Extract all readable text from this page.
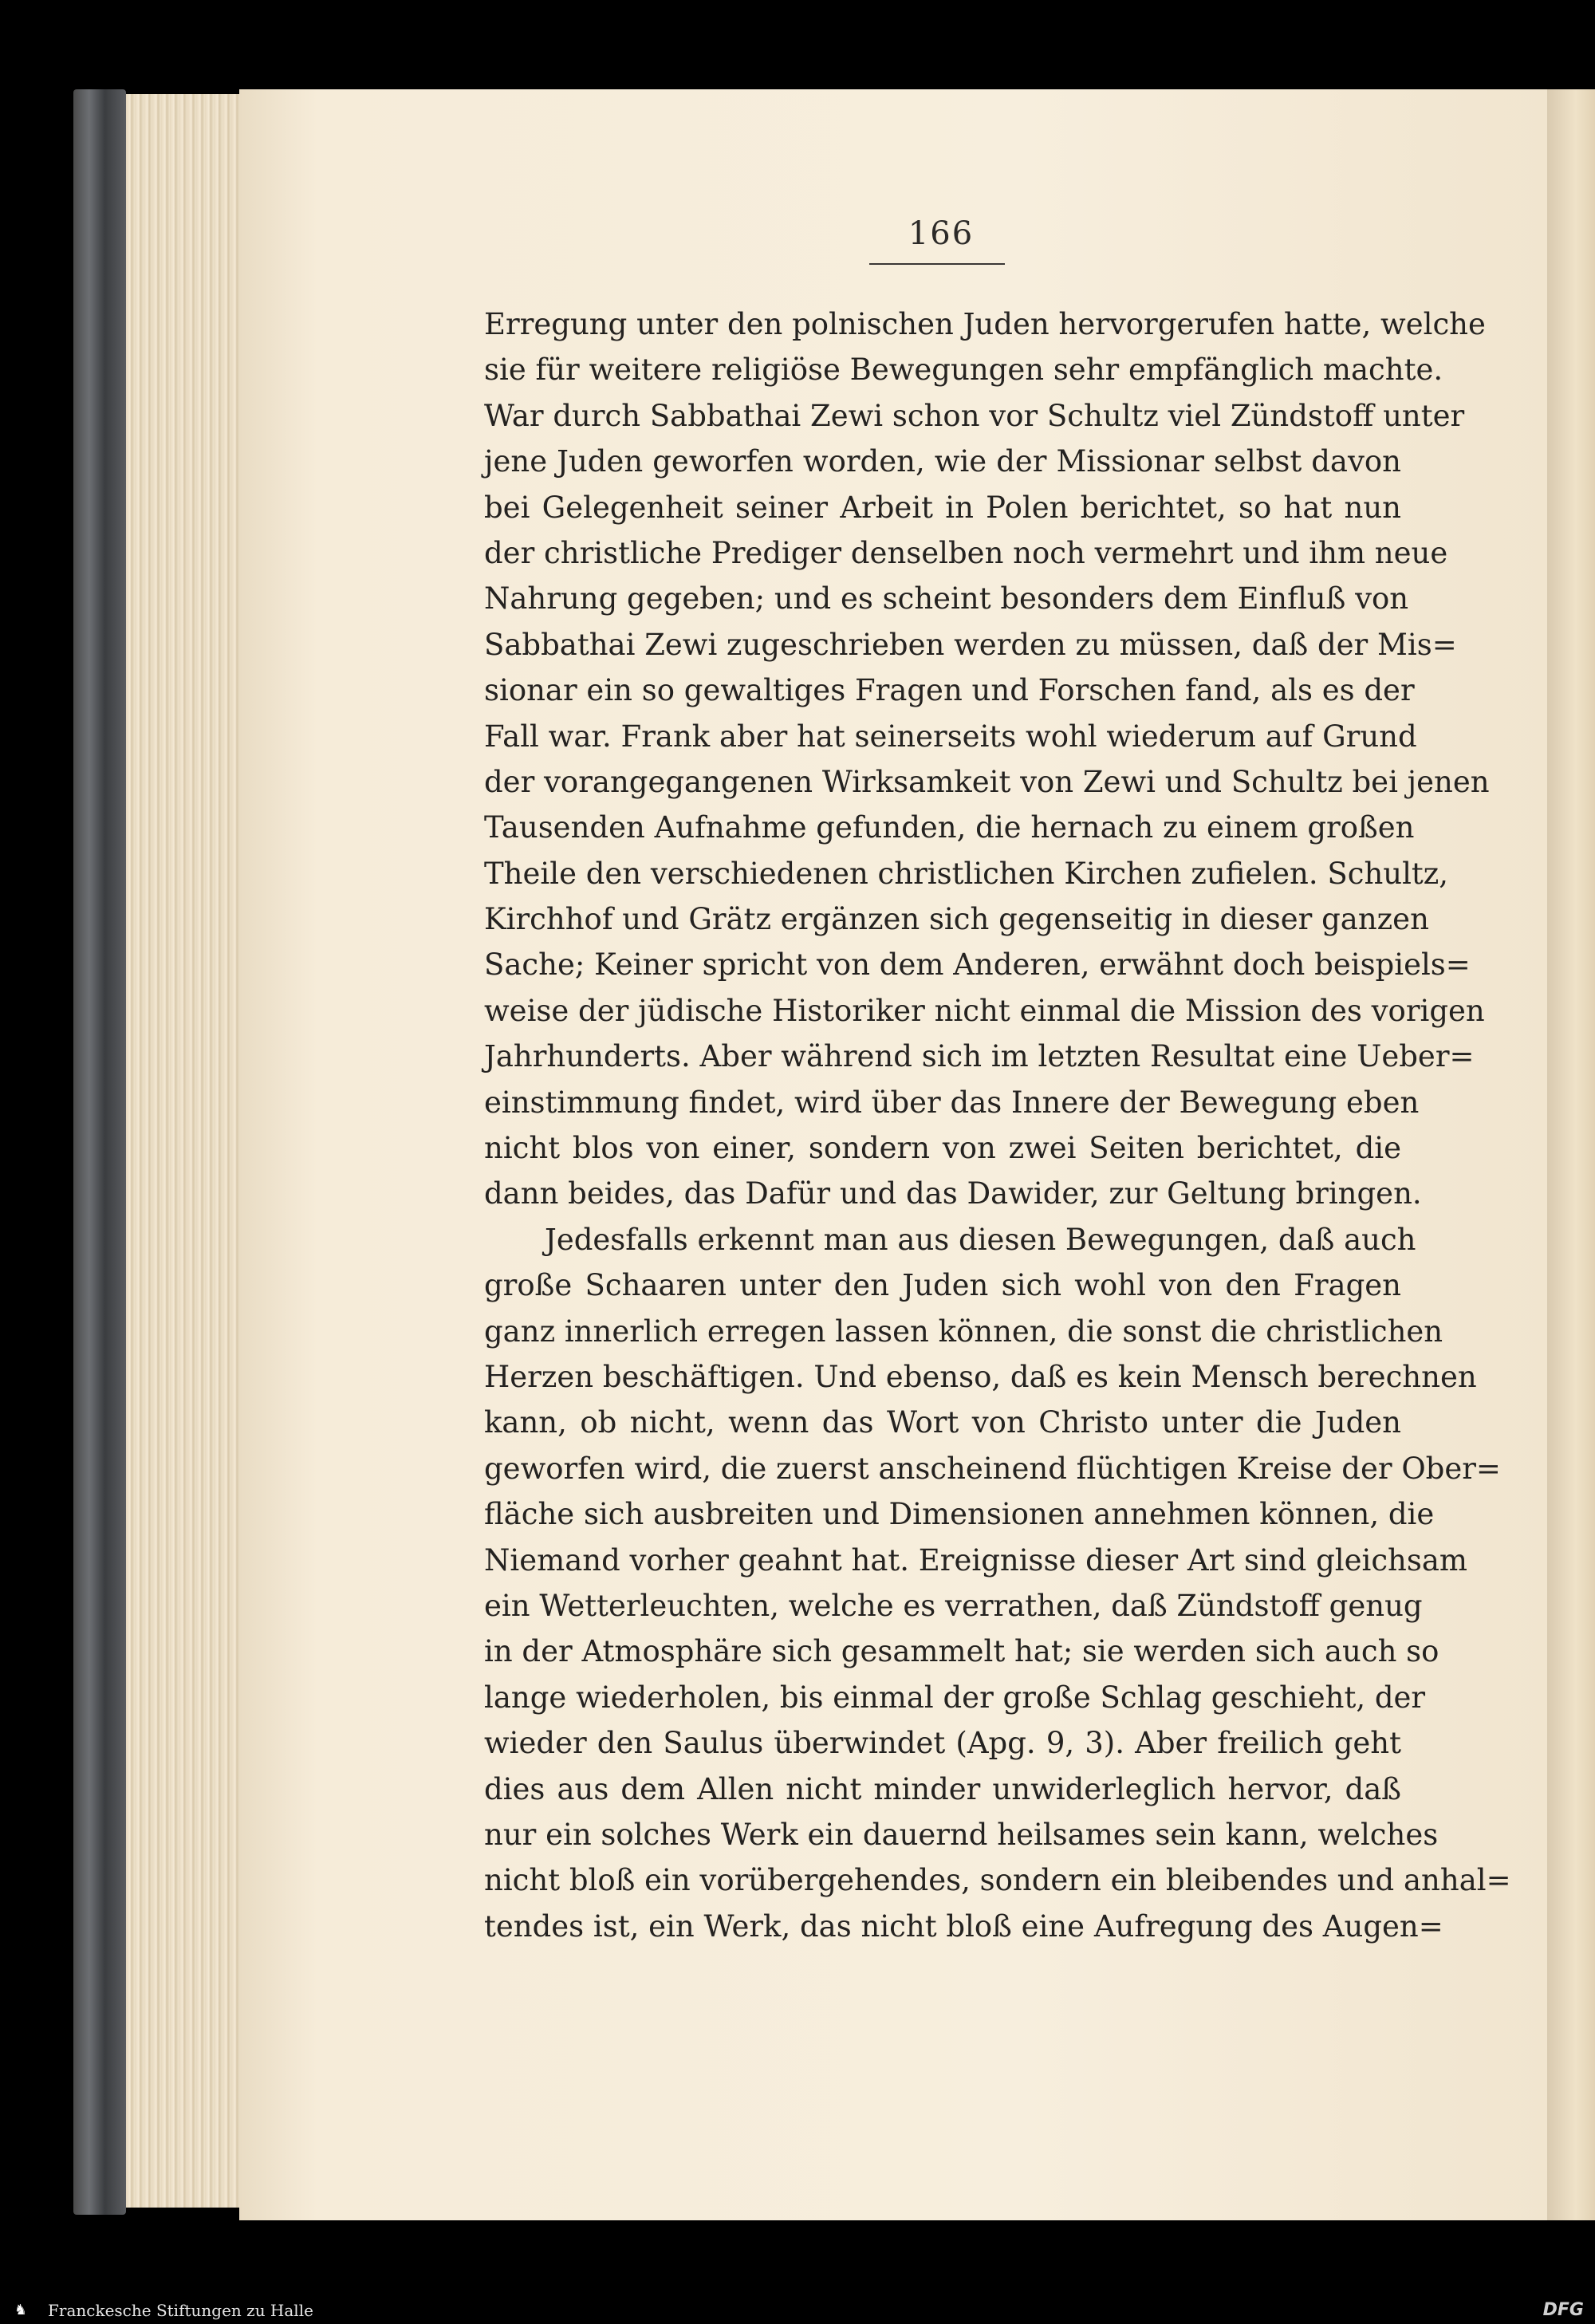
166
Erregung unter den polnischen Juden hervorgerufen hatte, welche
sie für weitere religiöse Bewegungen sehr empfänglich machte.
War durch Sabbathai Zewi schon vor Schultz viel Zündstoff unter
jene Juden geworfen worden, wie der Missionar selbst davon
bei Gelegenheit seiner Arbeit in Polen berichtet, so hat nun
der christliche Prediger denselben noch vermehrt und ihm neue
Nahrung gegeben; und es scheint besonders dem Einfluß von
Sabbathai Zewi zugeschrieben werden zu müssen, daß der Mis=
sionar ein so gewaltiges Fragen und Forschen fand, als es der
Fall war. Frank aber hat seinerseits wohl wiederum auf Grund
der vorangegangenen Wirksamkeit von Zewi und Schultz bei jenen
Tausenden Aufnahme gefunden, die hernach zu einem großen
Theile den verschiedenen christlichen Kirchen zufielen. Schultz,
Kirchhof und Grätz ergänzen sich gegenseitig in dieser ganzen
Sache; Keiner spricht von dem Anderen, erwähnt doch beispiels=
weise der jüdische Historiker nicht einmal die Mission des vorigen
Jahrhunderts. Aber während sich im letzten Resultat eine Ueber=
einstimmung findet, wird über das Innere der Bewegung eben
nicht blos von einer, sondern von zwei Seiten berichtet, die
dann beides, das Dafür und das Dawider, zur Geltung bringen.
Jedesfalls erkennt man aus diesen Bewegungen, daß auch
große Schaaren unter den Juden sich wohl von den Fragen
ganz innerlich erregen lassen können, die sonst die christlichen
Herzen beschäftigen. Und ebenso, daß es kein Mensch berechnen
kann, ob nicht, wenn das Wort von Christo unter die Juden
geworfen wird, die zuerst anscheinend flüchtigen Kreise der Ober=
fläche sich ausbreiten und Dimensionen annehmen können, die
Niemand vorher geahnt hat. Ereignisse dieser Art sind gleichsam
ein Wetterleuchten, welche es verrathen, daß Zündstoff genug
in der Atmosphäre sich gesammelt hat; sie werden sich auch so
lange wiederholen, bis einmal der große Schlag geschieht, der
wieder den Saulus überwindet (Apg. 9, 3). Aber freilich geht
dies aus dem Allen nicht minder unwiderleglich hervor, daß
nur ein solches Werk ein dauernd heilsames sein kann, welches
nicht bloß ein vorübergehendes, sondern ein bleibendes und anhal=
tendes ist, ein Werk, das nicht bloß eine Aufregung des Augen=
♞	Franckesche Stiftungen zu Halle	DFG
